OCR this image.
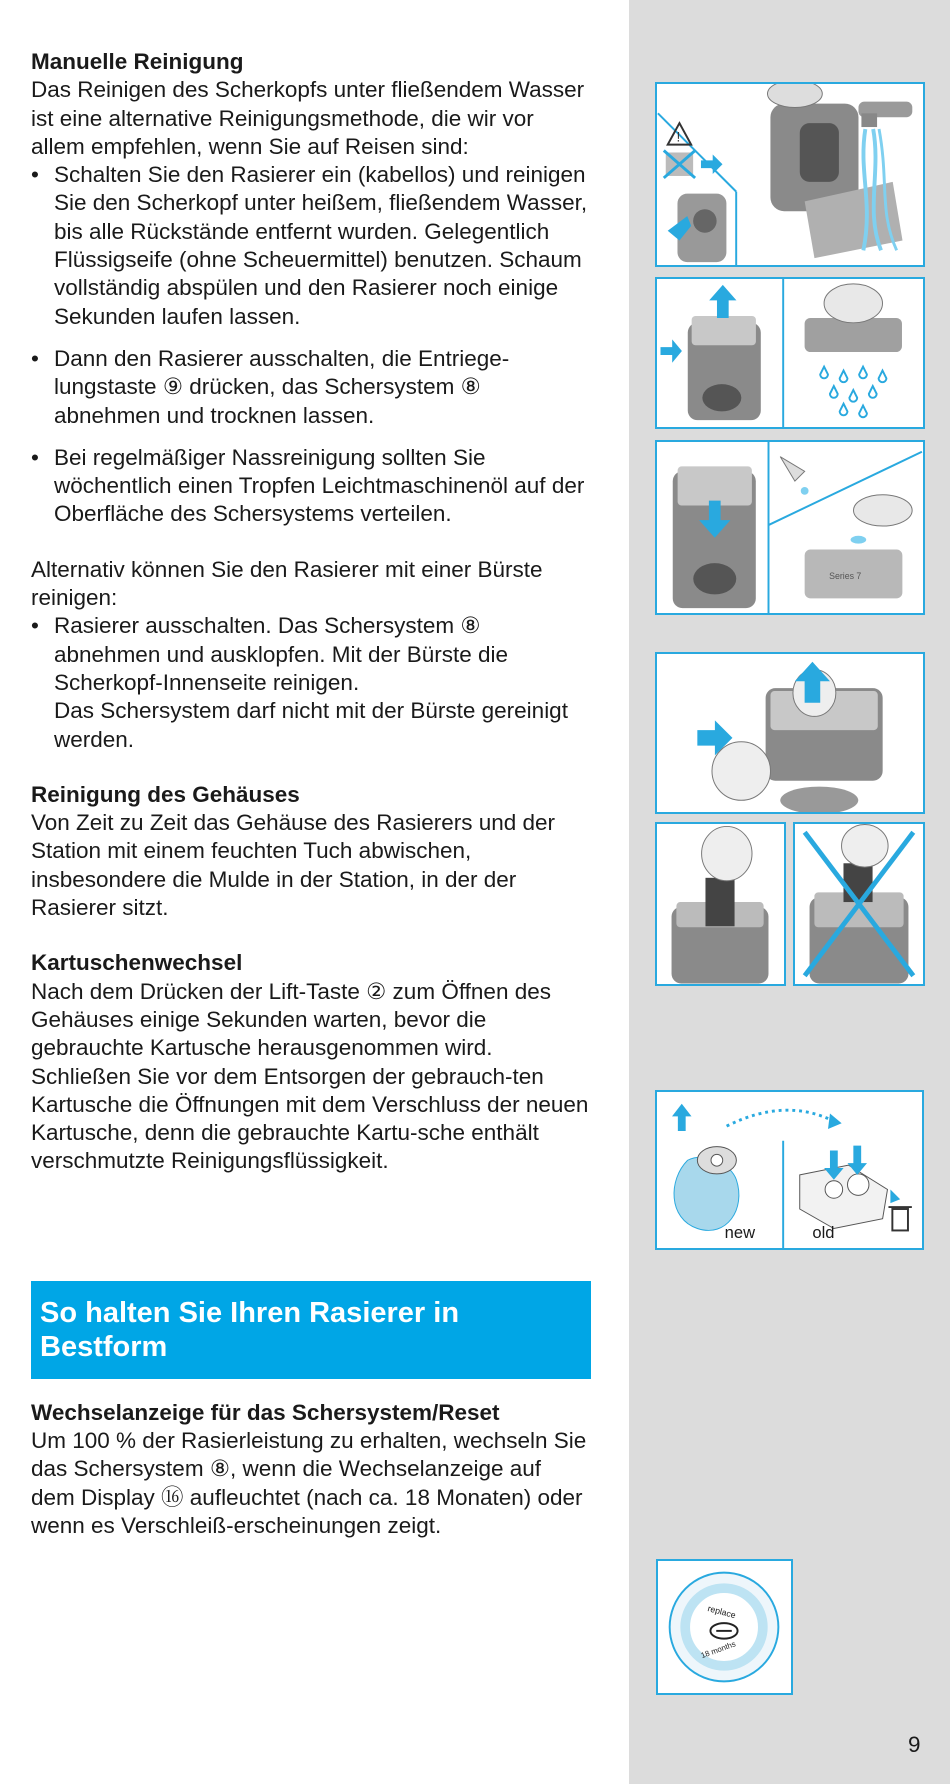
Manuelle Reinigung

Das Reinigen des Scherkopfs unter fließendem Wasser ist eine alternative Reinigungsmethode, die wir vor allem empfehlen, wenn Sie auf Reisen sind:

• Schalten Sie den Rasierer ein (kabellos) und reinigen Sie den Scherkopf unter heißem, fließendem Wasser, bis alle Rückstände entfernt wurden. Gelegentlich Flüssigseife (ohne Scheuermittel) benutzen. Schaum vollständig abspülen und den Rasierer noch einige Sekunden laufen lassen.
• Dann den Rasierer ausschalten, die Entriege-lungstaste ⑨ drücken, das Schersystem ⑧ abnehmen und trocknen lassen.
• Bei regelmäßiger Nassreinigung sollten Sie wöchentlich einen Tropfen Leichtmaschinenöl auf der Oberfläche des Schersystems verteilen.

Alternativ können Sie den Rasierer mit einer Bürste reinigen:

• Rasierer ausschalten. Das Schersystem ⑧ abnehmen und ausklopfen. Mit der Bürste die Scherkopf-Innenseite reinigen.
Das Schersystem darf nicht mit der Bürste gereinigt werden.
Reinigung des Gehäuses

Von Zeit zu Zeit das Gehäuse des Rasierers und der Station mit einem feuchten Tuch abwischen, insbesondere die Mulde in der Station, in der der Rasierer sitzt.

Kartuschenwechsel

Nach dem Drücken der Lift-Taste ② zum Öffnen des Gehäuses einige Sekunden warten, bevor die gebrauchte Kartusche herausgenommen wird.

Schließen Sie vor dem Entsorgen der gebrauch-ten Kartusche die Öffnungen mit dem Verschluss der neuen Kartusche, denn die gebrauchte Kartu-sche enthält verschmutzte Reinigungsflüssigkeit.

So halten Sie Ihren Rasierer in Bestform
Wechselanzeige für das Schersystem/Reset

Um 100 % der Rasierleistung zu erhalten, wechseln Sie das Schersystem ⑧, wenn die Wechselanzeige auf dem Display ⑯ aufleuchtet (nach ca. 18 Monaten) oder wenn es Verschleiß-erscheinungen zeigt.

!
Series 7
new	old
replace
18 months
9
